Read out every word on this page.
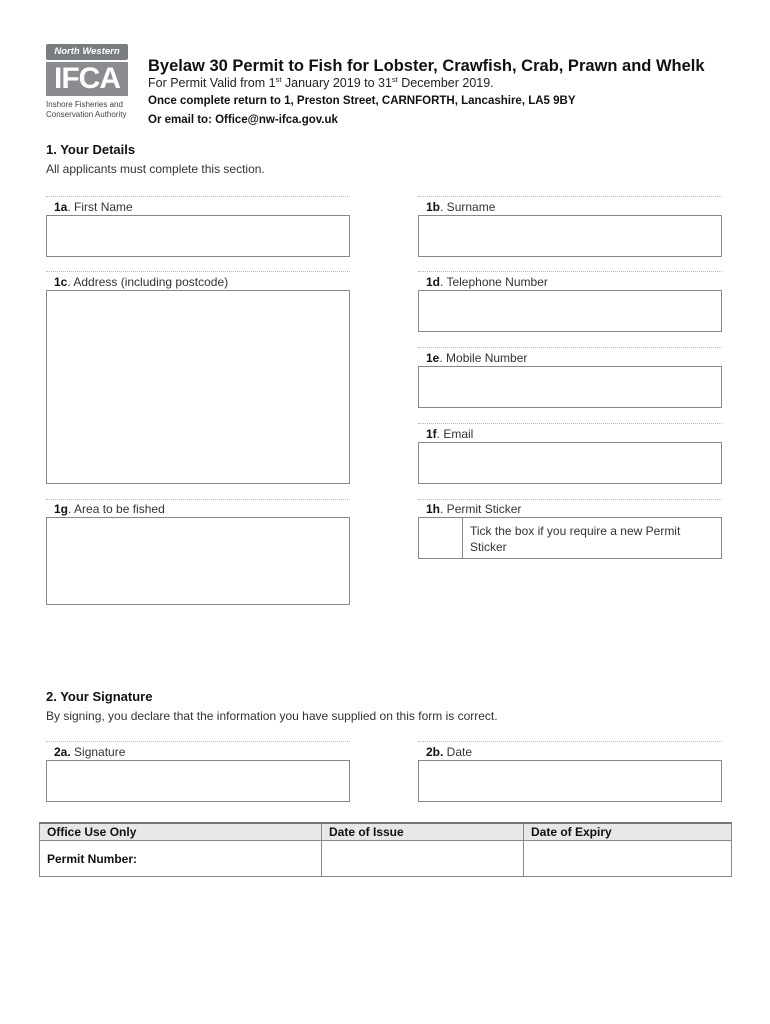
North Western
IFCA
Inshore Fisheries and
Conservation Authority
Byelaw 30 Permit to Fish for Lobster, Crawfish, Crab, Prawn and Whelk
For Permit Valid from 1st January 2019 to 31st December 2019.
Once complete return to 1, Preston Street, CARNFORTH, Lancashire, LA5 9BY
Or email to: Office@nw-ifca.gov.uk
1. Your Details
All applicants must complete this section.
1a. First Name	1b. Surname
1c. Address (including postcode)	1d. Telephone Number
1e. Mobile Number
1f. Email
1g. Area to be fished	1h. Permit Sticker
Tick the box if you require a new Permit Sticker
2. Your Signature
By signing, you declare that the information you have supplied on this form is correct.
2a. Signature	2b. Date
Office Use Only	Date of Issue	Date of Expiry
Permit Number:		
